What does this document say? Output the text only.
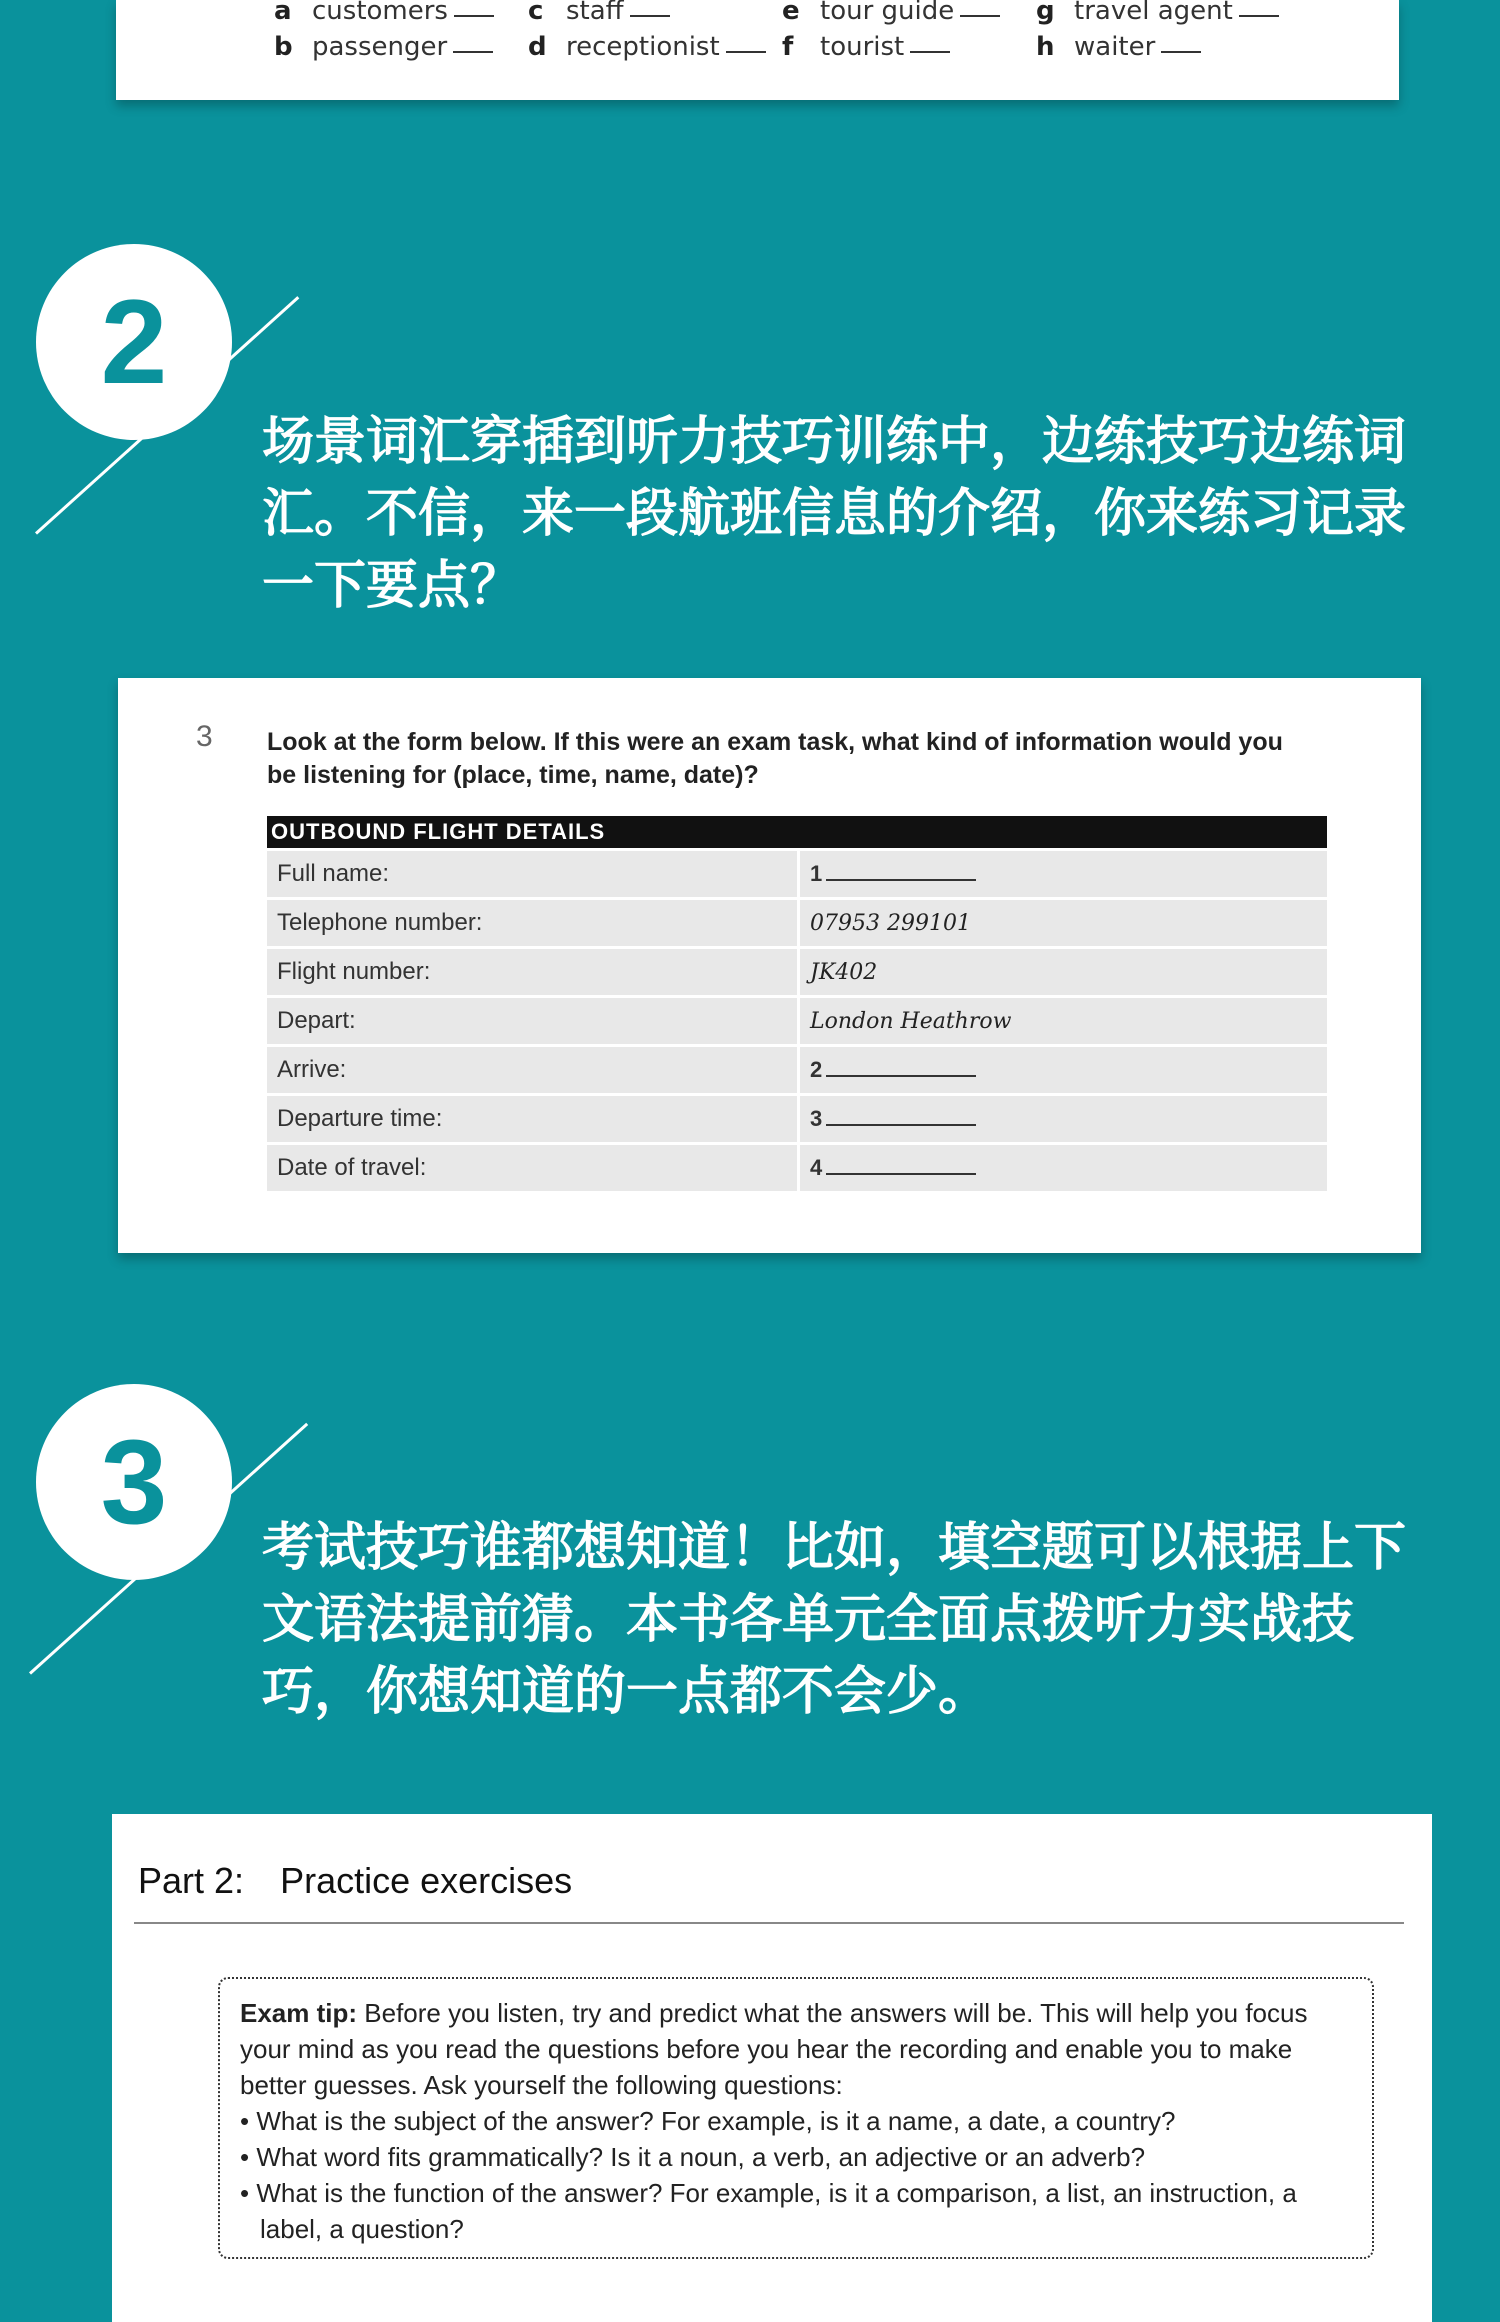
a customers
b passenger
c staff
d receptionist
e tour guide
f tourist
g travel agent
h waiter
2
场景词汇穿插到听力技巧训练中，边练技巧边练词汇。不信，来一段航班信息的介绍，你来练习记录一下要点？
3 Look at the form below. If this were an exam task, what kind of information would you be listening for (place, time, name, date)?
OUTBOUND FLIGHT DETAILS	
Full name:	1
Telephone number:	07953 299101
Flight number:	JK402
Depart:	London Heathrow
Arrive:	2
Departure time:	3
Date of travel:	4
3	考试技巧谁都想知道！比如，填空题可以根据上下文语法提前猜。本书各单元全面点拨听力实战技巧，你想知道的一点都不会少。
Part 2: Practice exercises
Exam tip: Before you listen, try and predict what the answers will be. This will help you focus your mind as you read the questions before you hear the recording and enable you to make better guesses. Ask yourself the following questions:
• What is the subject of the answer? For example, is it a name, a date, a country?
• What word fits grammatically? Is it a noun, a verb, an adjective or an adverb?
• What is the function of the answer? For example, is it a comparison, a list, an instruction, a label, a question?
